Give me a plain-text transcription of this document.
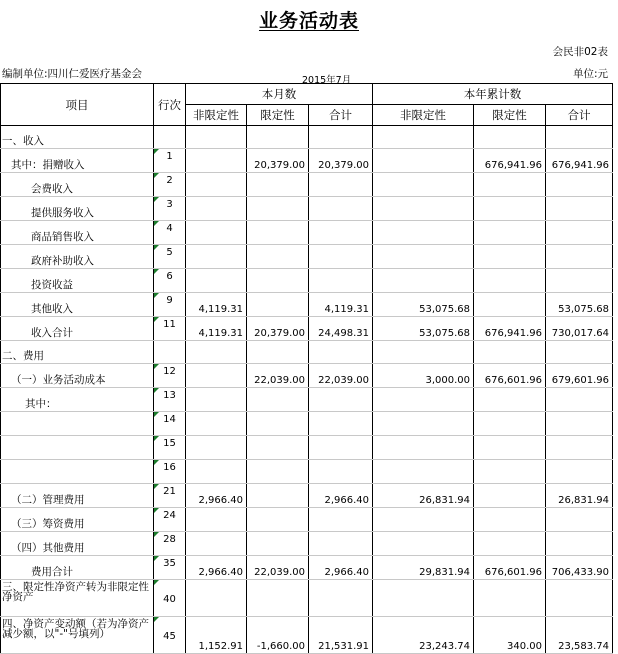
业务活动表
会民非02表
编制单位:四川仁爱医疗基金会
2015年7月
单位:元
项目	行次	本月数			本年累计数		
		非限定性	限定性	合计	非限定性	限定性	合计
一、收入							
其中：捐赠收入	1		20,379.00	20,379.00		676,941.96	676,941.96
会费收入	2						
提供服务收入	3						
商品销售收入	4						
政府补助收入	5						
投资收益	6						
其他收入	9	4,119.31		4,119.31	53,075.68		53,075.68
收入合计	11	4,119.31	20,379.00	24,498.31	53,075.68	676,941.96	730,017.64
二、费用							
（一）业务活动成本	12		22,039.00	22,039.00	3,000.00	676,601.96	679,601.96
其中：	13						
	14						
	15						
	16						
（二）管理费用	21	2,966.40		2,966.40	26,831.94		26,831.94
（三）筹资费用	24						
（四）其他费用	28						
费用合计	35	2,966.40	22,039.00	2,966.40	29,831.94	676,601.96	706,433.90
三、限定性净资产转为非限定性净资产	40						
四、净资产变动额（若为净资产减少额，以"-"号填列）	45	1,152.91	-1,660.00	21,531.91	23,243.74	340.00	23,583.74
